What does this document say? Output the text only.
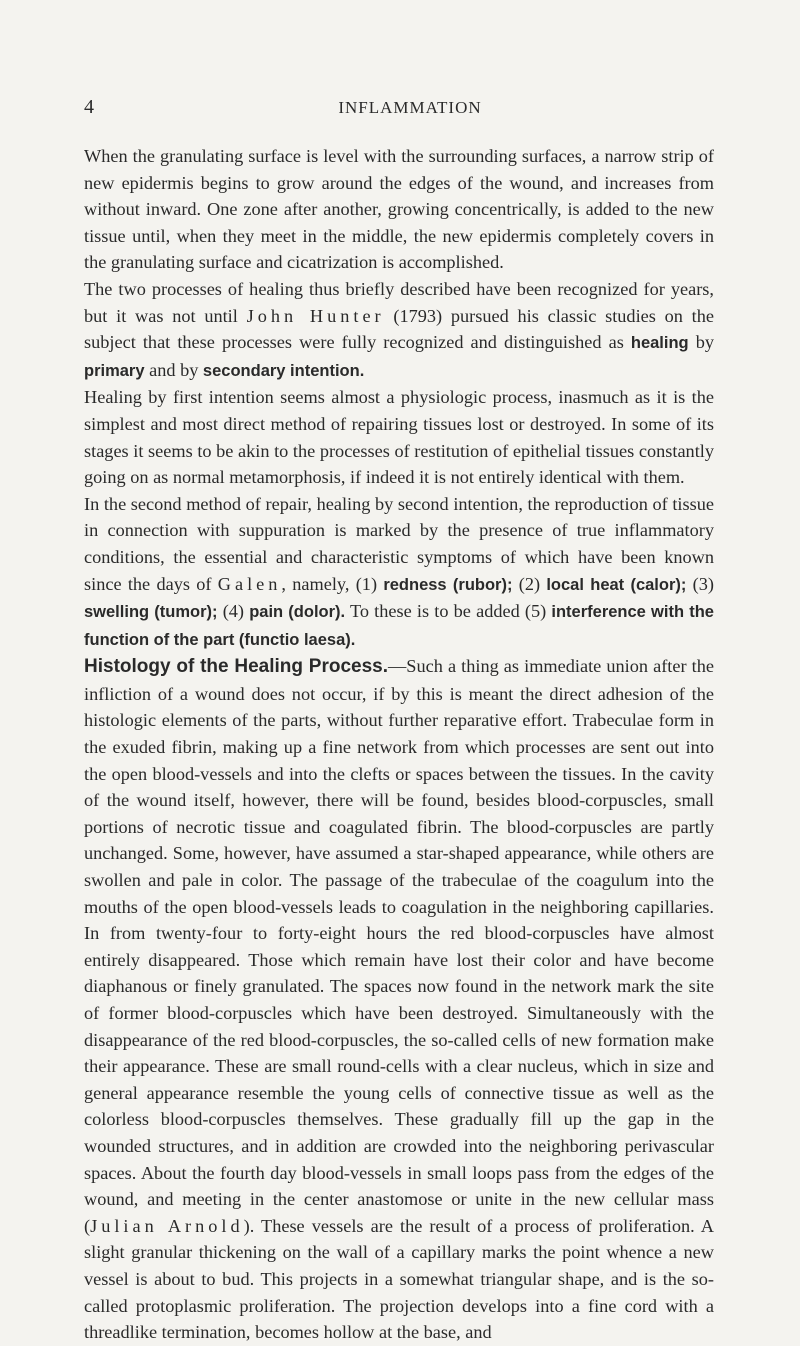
4	INFLAMMATION

When the granulating surface is level with the surrounding surfaces, a narrow strip of new epidermis begins to grow around the edges of the wound, and increases from without inward. One zone after another, growing concentrically, is added to the new tissue until, when they meet in the middle, the new epidermis completely covers in the granulating surface and cicatrization is accomplished.

The two processes of healing thus briefly described have been recognized for years, but it was not until John Hunter (1793) pursued his classic studies on the subject that these processes were fully recognized and distinguished as healing by primary and by secondary intention.

Healing by first intention seems almost a physiologic process, inasmuch as it is the simplest and most direct method of repairing tissues lost or destroyed. In some of its stages it seems to be akin to the processes of restitution of epithelial tissues constantly going on as normal metamorphosis, if indeed it is not entirely identical with them.

In the second method of repair, healing by second intention, the reproduction of tissue in connection with suppuration is marked by the presence of true inflammatory conditions, the essential and characteristic symptoms of which have been known since the days of Galen, namely, (1) redness (rubor); (2) local heat (calor); (3) swelling (tumor); (4) pain (dolor). To these is to be added (5) interference with the function of the part (functio laesa).

Histology of the Healing Process.—Such a thing as immediate union after the infliction of a wound does not occur, if by this is meant the direct adhesion of the histologic elements of the parts, without further reparative effort. Trabeculae form in the exuded fibrin, making up a fine network from which processes are sent out into the open blood-vessels and into the clefts or spaces between the tissues. In the cavity of the wound itself, however, there will be found, besides blood-corpuscles, small portions of necrotic tissue and coagulated fibrin. The blood-corpuscles are partly unchanged. Some, however, have assumed a star-shaped appearance, while others are swollen and pale in color. The passage of the trabeculae of the coagulum into the mouths of the open blood-vessels leads to coagulation in the neighboring capillaries. In from twenty-four to forty-eight hours the red blood-corpuscles have almost entirely disappeared. Those which remain have lost their color and have become diaphanous or finely granulated. The spaces now found in the network mark the site of former blood-corpuscles which have been destroyed. Simultaneously with the disappearance of the red blood-corpuscles, the so-called cells of new formation make their appearance. These are small round-cells with a clear nucleus, which in size and general appearance resemble the young cells of connective tissue as well as the colorless blood-corpuscles themselves. These gradually fill up the gap in the wounded structures, and in addition are crowded into the neighboring perivascular spaces. About the fourth day blood-vessels in small loops pass from the edges of the wound, and meeting in the center anastomose or unite in the new cellular mass (Julian Arnold). These vessels are the result of a process of proliferation. A slight granular thickening on the wall of a capillary marks the point whence a new vessel is about to bud. This projects in a somewhat triangular shape, and is the so-called protoplasmic proliferation. The projection develops into a fine cord with a threadlike termination, becomes hollow at the base, and
